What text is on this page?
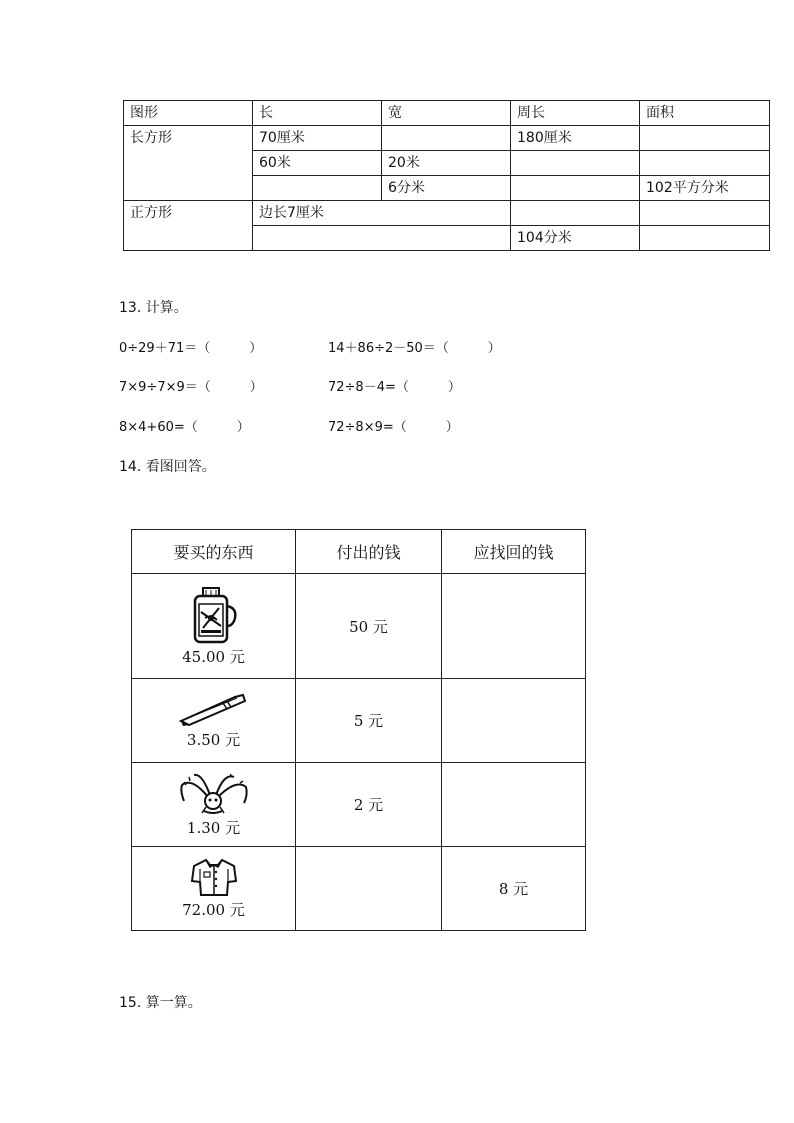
图形	长	宽	周长	面积
长方形	70厘米		180厘米	
	60米	20米		
		6分米		102平方分米
正方形	边长7厘米			
			104分米	
13. 计算。
0÷29＋71＝（　　　）	14＋86÷2－50＝（　　　）
7×9÷7×9＝（　　　）	72÷8－4=（　　　）
8×4+60=（　　　）	72÷8×9=（　　　）
14. 看图回答。
要买的东西	付出的钱	应找回的钱

45.00 元	50 元	

3.50 元	5 元	

1.30 元	2 元	

72.00 元		8 元
15. 算一算。
